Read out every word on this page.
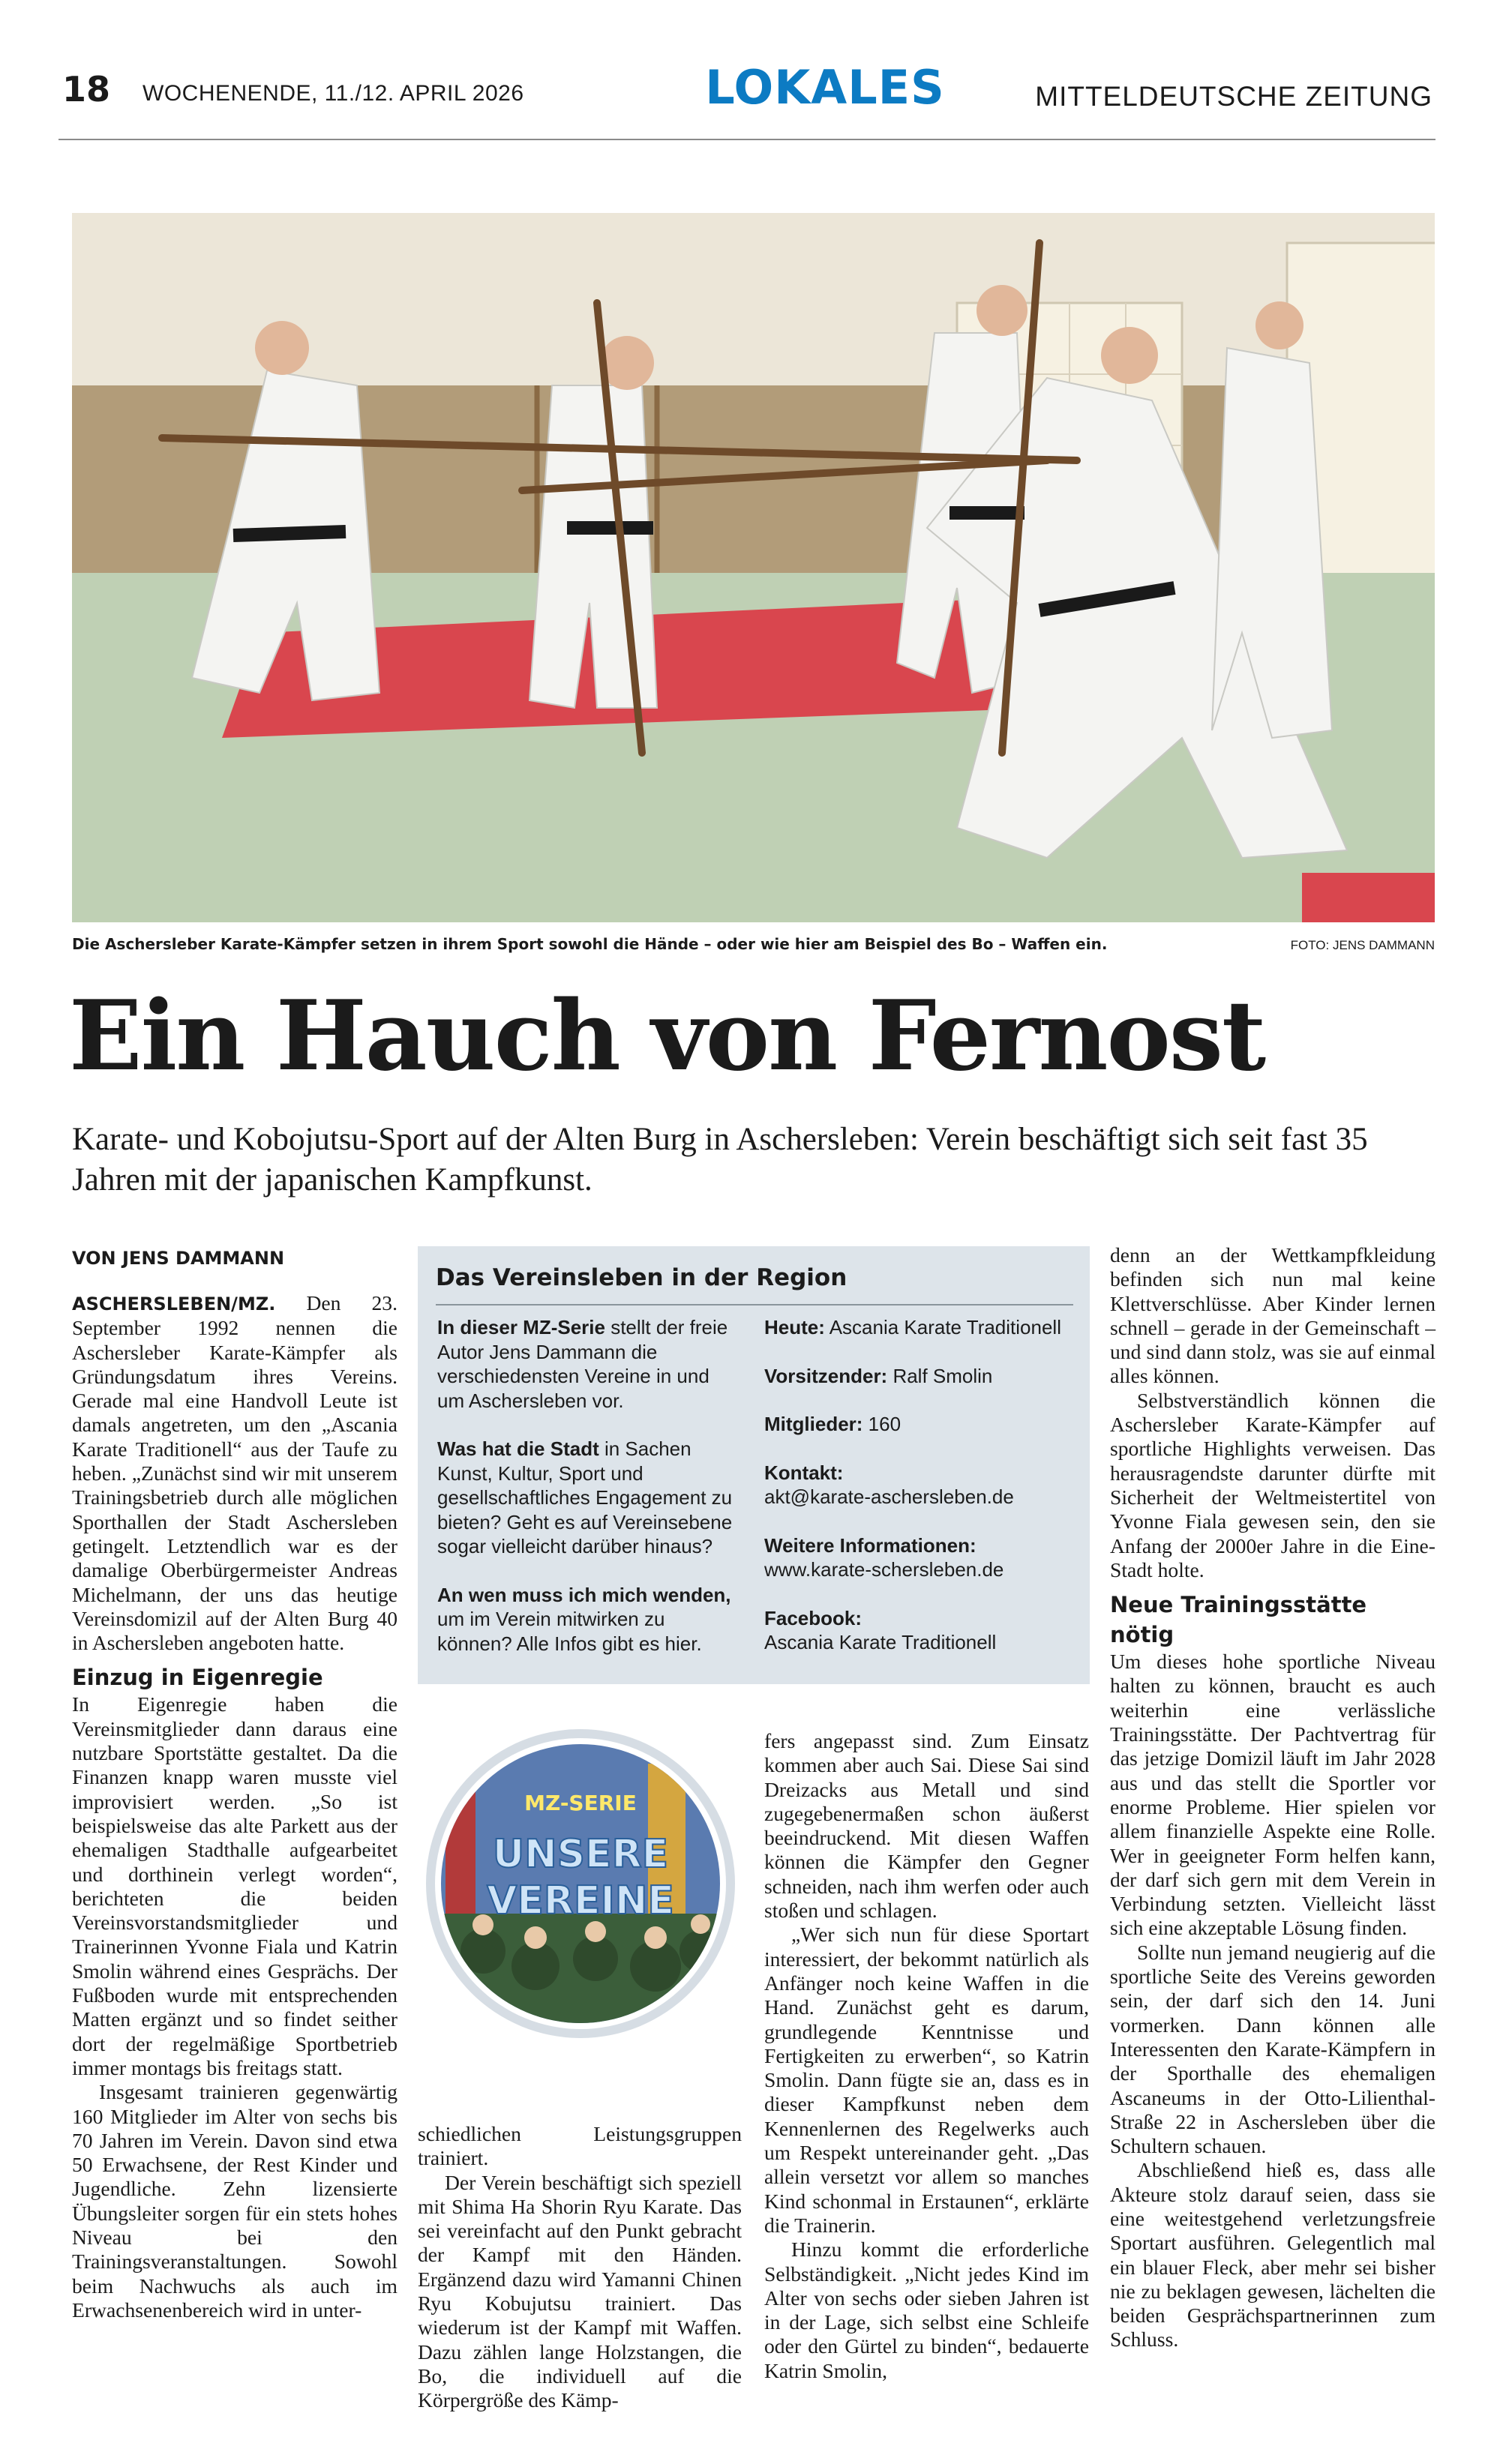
18 WOCHENENDE, 11./12. APRIL 2026	LOKALES	MITTELDEUTSCHE ZEITUNG
Die Aschersleber Karate-Kämpfer setzen in ihrem Sport sowohl die Hände – oder wie hier am Beispiel des Bo – Waffen ein.	FOTO: JENS DAMMANN
Ein Hauch von Fernost
Karate- und Kobojutsu-Sport auf der Alten Burg in Aschersleben: Verein beschäftigt sich seit fast 35 Jahren mit der japanischen Kampfkunst.
VON JENS DAMMANN

ASCHERSLEBEN/MZ. Den 23. September 1992 nennen die Aschersleber Karate-Kämpfer als Gründungsdatum ihres Vereins. Gerade mal eine Handvoll Leute ist damals angetreten, um den „Ascania Karate Traditionell“ aus der Taufe zu heben. „Zunächst sind wir mit unserem Trainingsbetrieb durch alle möglichen Sporthallen der Stadt Aschersleben getingelt. Letztendlich war es der damalige Oberbürgermeister Andreas Michelmann, der uns das heutige Vereinsdomizil auf der Alten Burg 40 in Aschersleben angeboten hatte.

Einzug in Eigenregie

In Eigenregie haben die Vereinsmitglieder dann daraus eine nutzbare Sportstätte gestaltet. Da die Finanzen knapp waren musste viel improvisiert werden. „So ist beispielsweise das alte Parkett aus der ehemaligen Stadthalle aufgearbeitet und dorthinein verlegt worden“, berichteten die beiden Vereinsvorstandsmitglieder und Trainerinnen Yvonne Fiala und Katrin Smolin während eines Gesprächs. Der Fußboden wurde mit entsprechenden Matten ergänzt und so findet seither dort der regelmäßige Sportbetrieb immer montags bis freitags statt.

Insgesamt trainieren gegenwärtig 160 Mitglieder im Alter von sechs bis 70 Jahren im Verein. Davon sind etwa 50 Erwachsene, der Rest Kinder und Jugendliche. Zehn lizensierte Übungsleiter sorgen für ein stets hohes Niveau bei den Trainingsveranstaltungen. Sowohl beim Nachwuchs als auch im Erwachsenenbereich wird in unter-

Das Vereinsleben in der Region

In dieser MZ-Serie stellt der freie Autor Jens Dammann die verschiedensten Vereine in und um Aschersleben vor.

Was hat die Stadt in Sachen Kunst, Kultur, Sport und gesellschaftliches Engagement zu bieten? Geht es auf Vereinsebene sogar vielleicht darüber hinaus?

An wen muss ich mich wenden, um im Verein mitwirken zu können? Alle Infos gibt es hier.

Heute: Ascania Karate Traditionell
Vorsitzender: Ralf Smolin
Mitglieder: 160
Kontakt:
akt@karate-aschersleben.de
Weitere Informationen:
www.karate-schersleben.de
Facebook:
Ascania Karate Traditionell
MZ-SERIE
UNSERE
VEREINE

schiedlichen Leistungsgruppen trainiert.

Der Verein beschäftigt sich speziell mit Shima Ha Shorin Ryu Karate. Das sei vereinfacht auf den Punkt gebracht der Kampf mit den Händen. Ergänzend dazu wird Yamanni Chinen Ryu Kobujutsu trainiert. Das wiederum ist der Kampf mit Waffen. Dazu zählen lange Holzstangen, die Bo, die individuell auf die Körpergröße des Kämp-

fers angepasst sind. Zum Einsatz kommen aber auch Sai. Diese Sai sind Dreizacks aus Metall und sind zugegebenermaßen schon äußerst beeindruckend. Mit diesen Waffen können die Kämpfer den Gegner schneiden, nach ihm werfen oder auch stoßen und schlagen.

„Wer sich nun für diese Sportart interessiert, der bekommt natürlich als Anfänger noch keine Waffen in die Hand. Zunächst geht es darum, grundlegende Kenntnisse und Fertigkeiten zu erwerben“, so Katrin Smolin. Dann fügte sie an, dass es in dieser Kampfkunst neben dem Kennenlernen des Regelwerks auch um Respekt untereinander geht. „Das allein versetzt vor allem so manches Kind schonmal in Erstaunen“, erklärte die Trainerin.

Hinzu kommt die erforderliche Selbständigkeit. „Nicht jedes Kind im Alter von sechs oder sieben Jahren ist in der Lage, sich selbst eine Schleife oder den Gürtel zu binden“, bedauerte Katrin Smolin,

denn an der Wettkampfkleidung befinden sich nun mal keine Klettverschlüsse. Aber Kinder lernen schnell – gerade in der Gemeinschaft – und sind dann stolz, was sie auf einmal alles können.

Selbstverständlich können die Aschersleber Karate-Kämpfer auf sportliche Highlights verweisen. Das herausragendste darunter dürfte mit Sicherheit der Weltmeistertitel von Yvonne Fiala gewesen sein, den sie Anfang der 2000er Jahre in die Eine-Stadt holte.

Neue Trainingsstätte nötig

Um dieses hohe sportliche Niveau halten zu können, braucht es auch weiterhin eine verlässliche Trainingsstätte. Der Pachtvertrag für das jetzige Domizil läuft im Jahr 2028 aus und das stellt die Sportler vor enorme Probleme. Hier spielen vor allem finanzielle Aspekte eine Rolle. Wer in geeigneter Form helfen kann, der darf sich gern mit dem Verein in Verbindung setzten. Vielleicht lässt sich eine akzeptable Lösung finden.

Sollte nun jemand neugierig auf die sportliche Seite des Vereins geworden sein, der darf sich den 14. Juni vormerken. Dann können alle Interessenten den Karate-Kämpfern in der Sporthalle des ehemaligen Ascaneums in der Otto-Lilienthal-Straße 22 in Aschersleben über die Schultern schauen.

Abschließend hieß es, dass alle Akteure stolz darauf seien, dass sie eine weitestgehend verletzungsfreie Sportart ausführen. Gelegentlich mal ein blauer Fleck, aber mehr sei bisher nie zu beklagen gewesen, lächelten die beiden Gesprächspartnerinnen zum Schluss.
